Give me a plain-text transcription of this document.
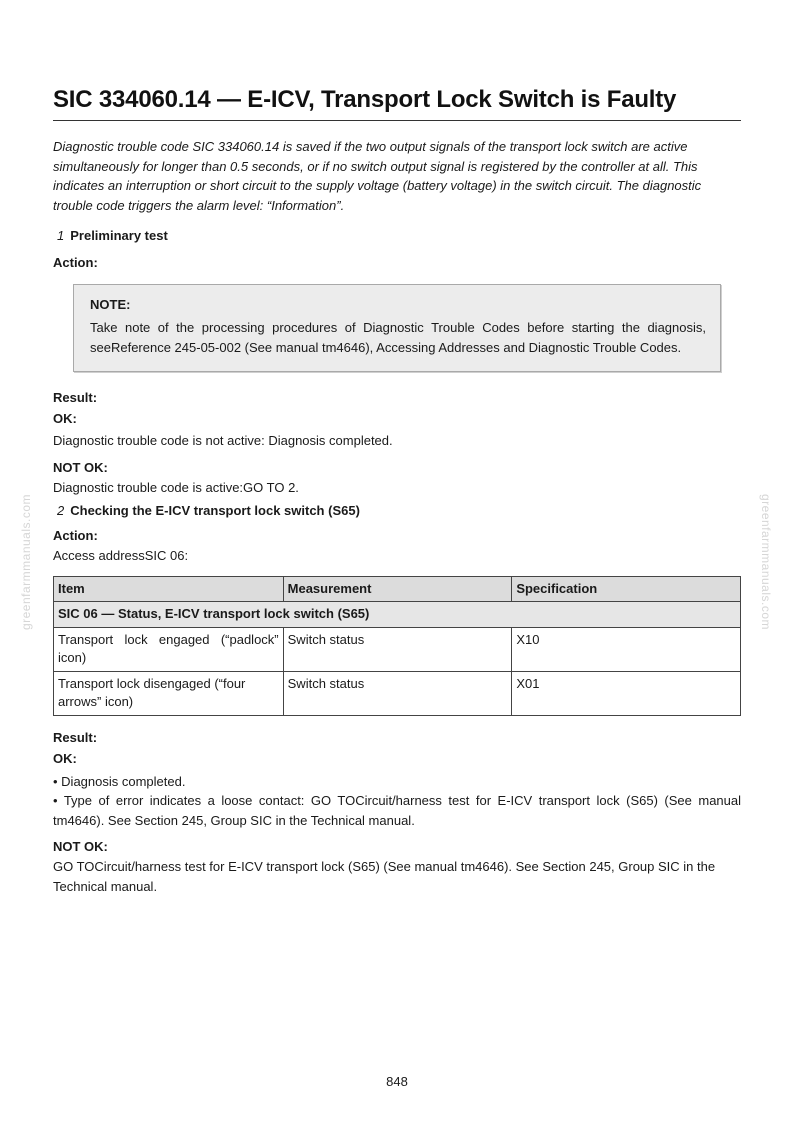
greenfarmmanuals.com	greenfarmmanuals.com
SIC 334060.14 — E-ICV, Transport Lock Switch is Faulty

Diagnostic trouble code SIC 334060.14 is saved if the two output signals of the transport lock switch are active simultaneously for longer than 0.5 seconds, or if no switch output signal is registered by the controller at all. This indicates an interruption or short circuit to the supply voltage (battery voltage) in the switch circuit. The diagnostic trouble code triggers the alarm level: “Information”.

1 Preliminary test
Action:
NOTE:
Take note of the processing procedures of Diagnostic Trouble Codes before starting the diagnosis, seeReference 245-05-002 (See manual tm4646), Accessing Addresses and Diagnostic Trouble Codes.
Result:
OK:
Diagnostic trouble code is not active: Diagnosis completed.
NOT OK:
Diagnostic trouble code is active:GO TO 2.
2 Checking the E-ICV transport lock switch (S65)
Action:
Access addressSIC 06:
Item	Measurement	Specification
SIC 06 — Status, E-ICV transport lock switch (S65)		
Transport lock engaged (“padlock” icon)	Switch status	X10
Transport lock disengaged (“four arrows” icon)	Switch status	X01
Result:
OK:
• Diagnosis completed.
• Type of error indicates a loose contact: GO TOCircuit/harness test for E-ICV transport lock (S65) (See manual tm4646). See Section 245, Group SIC in the Technical manual.
NOT OK:
GO TOCircuit/harness test for E-ICV transport lock (S65) (See manual tm4646). See Section 245, Group SIC in the Technical manual.
848
